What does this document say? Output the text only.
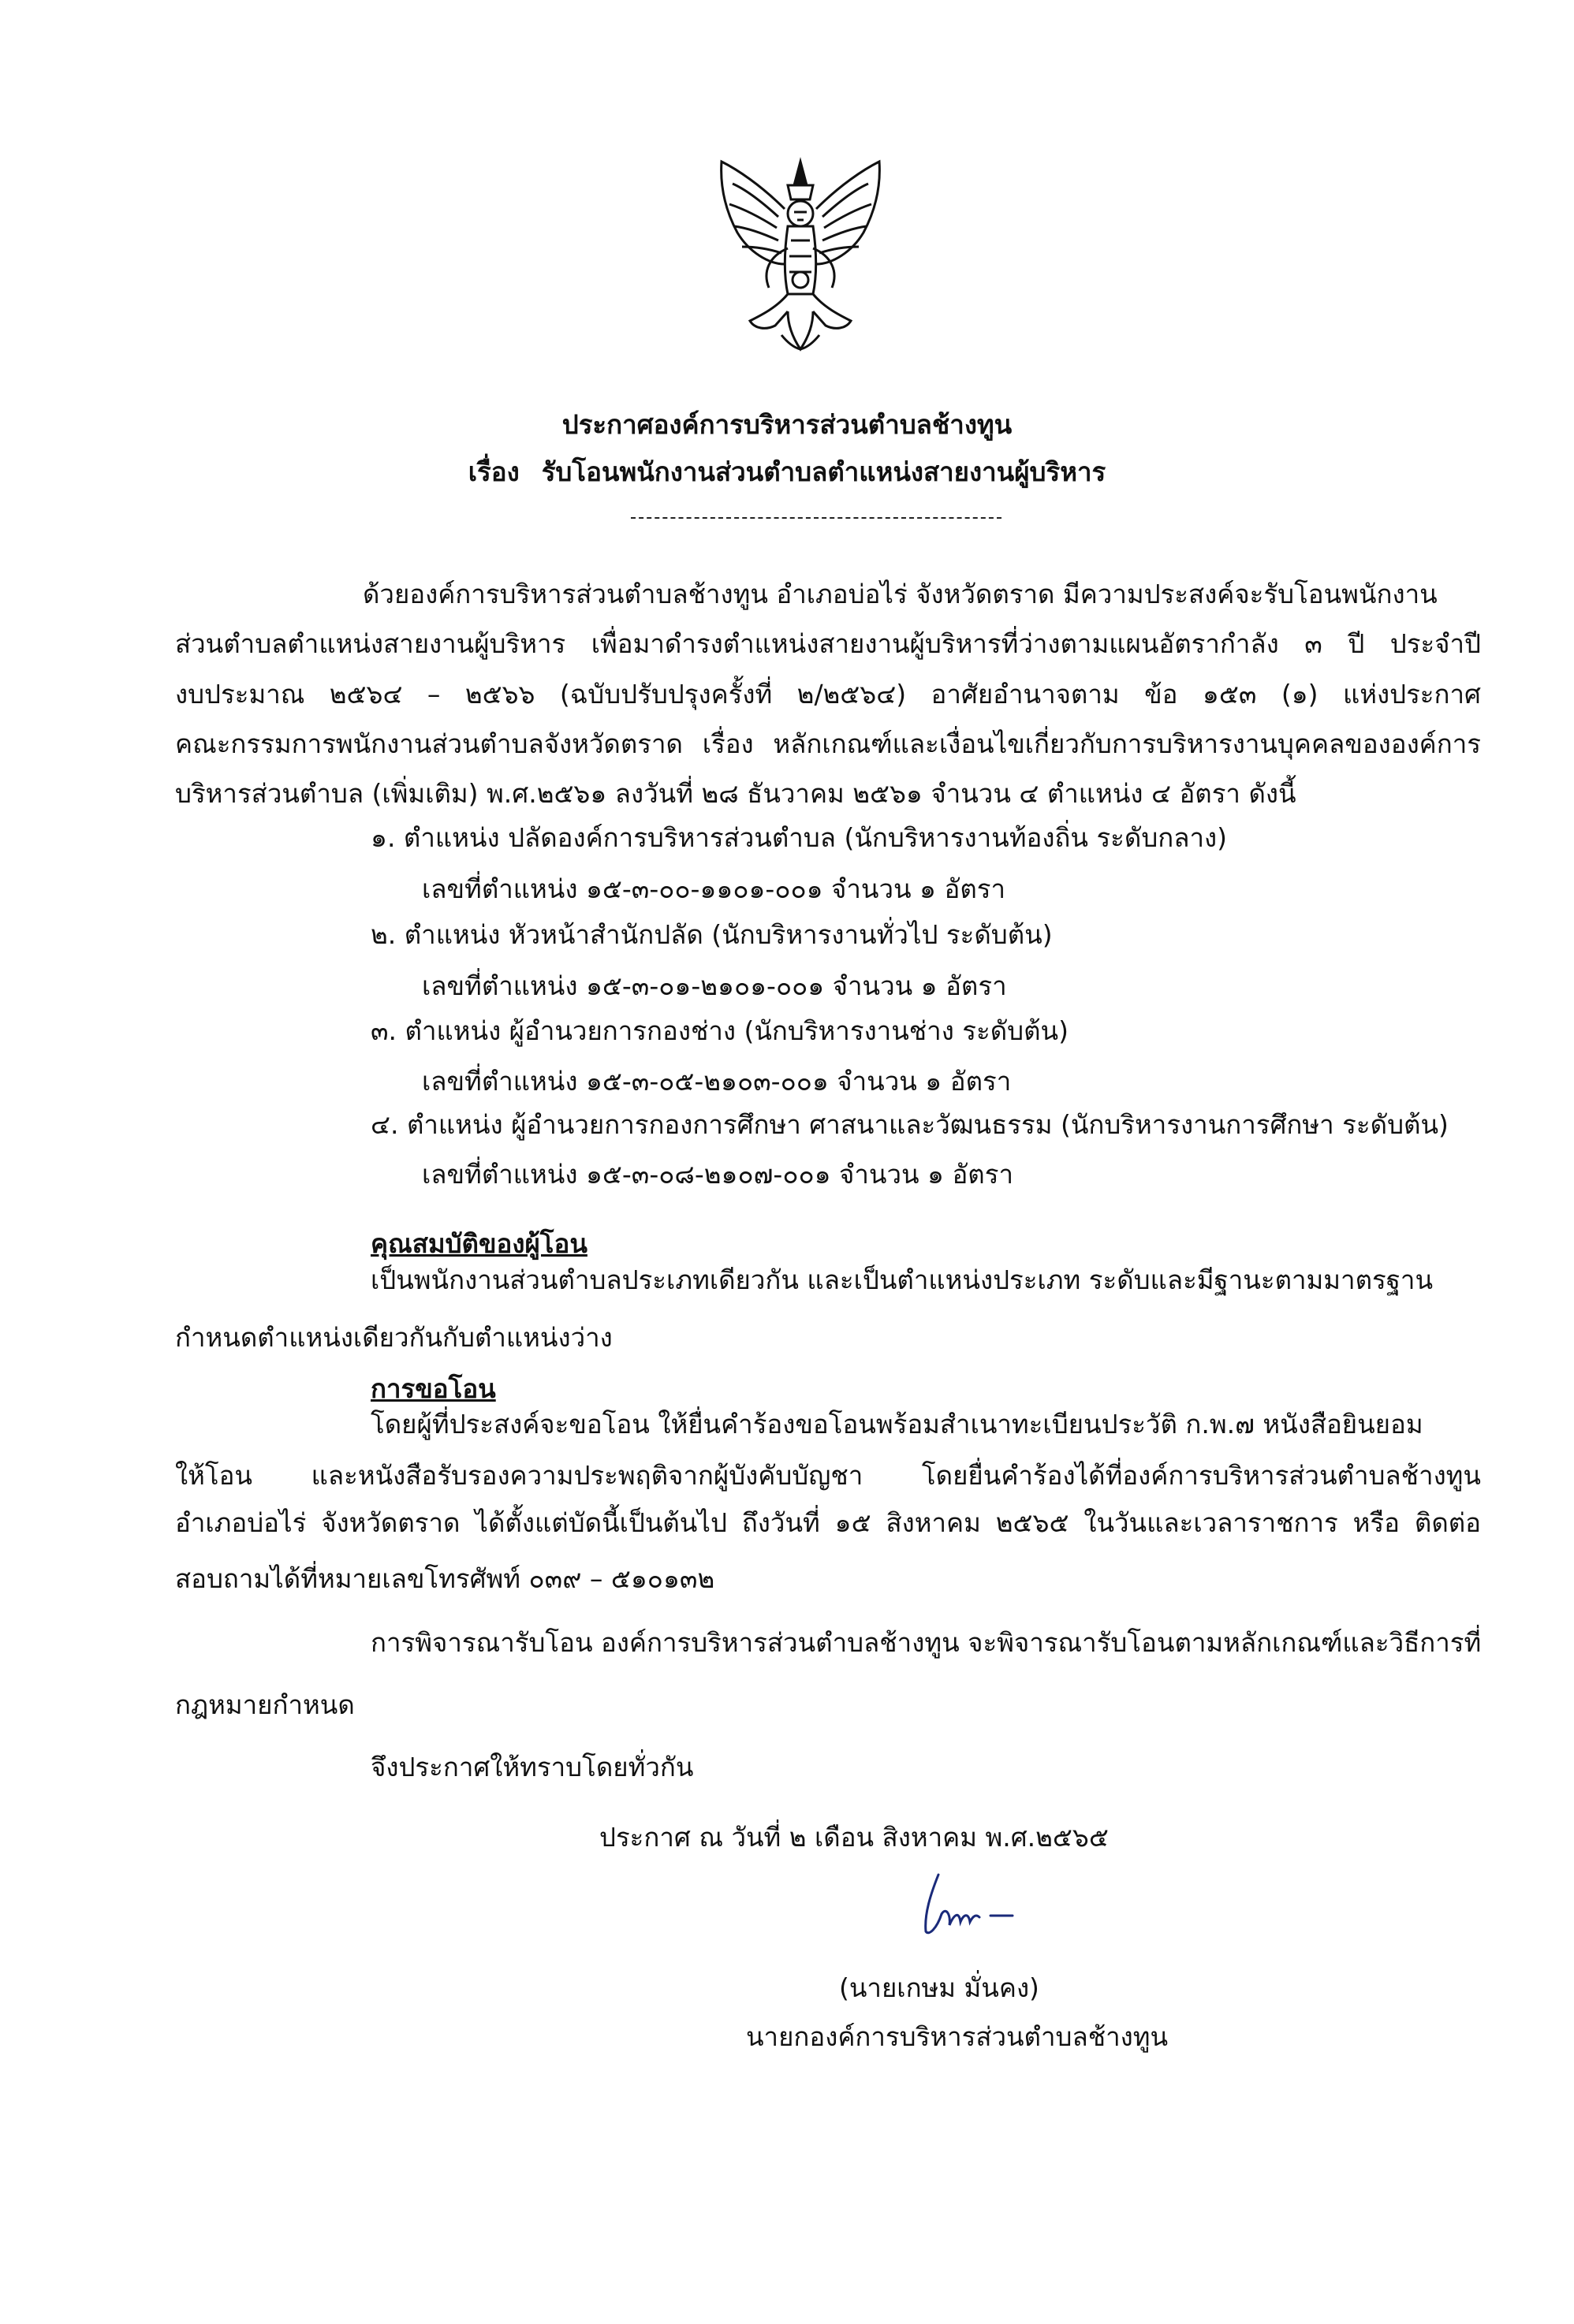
ประกาศองค์การบริหารส่วนตำบลช้างทูน
เรื่อง รับโอนพนักงานส่วนตำบลตำแหน่งสายงานผู้บริหาร
ด้วยองค์การบริหารส่วนตำบลช้างทูน อำเภอบ่อไร่ จังหวัดตราด มีความประสงค์จะรับโอนพนักงาน
ส่วนตำบลตำแหน่งสายงานผู้บริหาร เพื่อมาดำรงตำแหน่งสายงานผู้บริหารที่ว่างตามแผนอัตรากำลัง ๓ ปี ประจำปี
งบประมาณ ๒๕๖๔ – ๒๕๖๖ (ฉบับปรับปรุงครั้งที่ ๒/๒๕๖๔) อาศัยอำนาจตาม ข้อ ๑๕๓ (๑) แห่งประกาศ
คณะกรรมการพนักงานส่วนตำบลจังหวัดตราด เรื่อง หลักเกณฑ์และเงื่อนไขเกี่ยวกับการบริหารงานบุคคลขององค์การ
บริหารส่วนตำบล (เพิ่มเติม) พ.ศ.๒๕๖๑ ลงวันที่ ๒๘ ธันวาคม ๒๕๖๑ จำนวน ๔ ตำแหน่ง ๔ อัตรา ดังนี้
๑. ตำแหน่ง ปลัดองค์การบริหารส่วนตำบล (นักบริหารงานท้องถิ่น ระดับกลาง)
เลขที่ตำแหน่ง ๑๕-๓-๐๐-๑๑๐๑-๐๐๑ จำนวน ๑ อัตรา
๒. ตำแหน่ง หัวหน้าสำนักปลัด (นักบริหารงานทั่วไป ระดับต้น)
เลขที่ตำแหน่ง ๑๕-๓-๐๑-๒๑๐๑-๐๐๑ จำนวน ๑ อัตรา
๓. ตำแหน่ง ผู้อำนวยการกองช่าง (นักบริหารงานช่าง ระดับต้น)
เลขที่ตำแหน่ง ๑๕-๓-๐๕-๒๑๐๓-๐๐๑ จำนวน ๑ อัตรา
๔. ตำแหน่ง ผู้อำนวยการกองการศึกษา ศาสนาและวัฒนธรรม (นักบริหารงานการศึกษา ระดับต้น)
เลขที่ตำแหน่ง ๑๕-๓-๐๘-๒๑๐๗-๐๐๑ จำนวน ๑ อัตรา
คุณสมบัติของผู้โอน
เป็นพนักงานส่วนตำบลประเภทเดียวกัน และเป็นตำแหน่งประเภท ระดับและมีฐานะตามมาตรฐาน
กำหนดตำแหน่งเดียวกันกับตำแหน่งว่าง
การขอโอน
โดยผู้ที่ประสงค์จะขอโอน ให้ยื่นคำร้องขอโอนพร้อมสำเนาทะเบียนประวัติ ก.พ.๗ หนังสือยินยอม
ให้โอน และหนังสือรับรองความประพฤติจากผู้บังคับบัญชา โดยยื่นคำร้องได้ที่องค์การบริหารส่วนตำบลช้างทูน
อำเภอบ่อไร่ จังหวัดตราด ได้ตั้งแต่บัดนี้เป็นต้นไป ถึงวันที่ ๑๕ สิงหาคม ๒๕๖๕ ในวันและเวลาราชการ หรือ ติดต่อ
สอบถามได้ที่หมายเลขโทรศัพท์ ๐๓๙ – ๕๑๐๑๓๒
การพิจารณารับโอน องค์การบริหารส่วนตำบลช้างทูน จะพิจารณารับโอนตามหลักเกณฑ์และวิธีการที่
กฎหมายกำหนด
จึงประกาศให้ทราบโดยทั่วกัน
ประกาศ ณ วันที่ ๒ เดือน สิงหาคม พ.ศ.๒๕๖๕
(นายเกษม มั่นคง)
นายกองค์การบริหารส่วนตำบลช้างทูน
